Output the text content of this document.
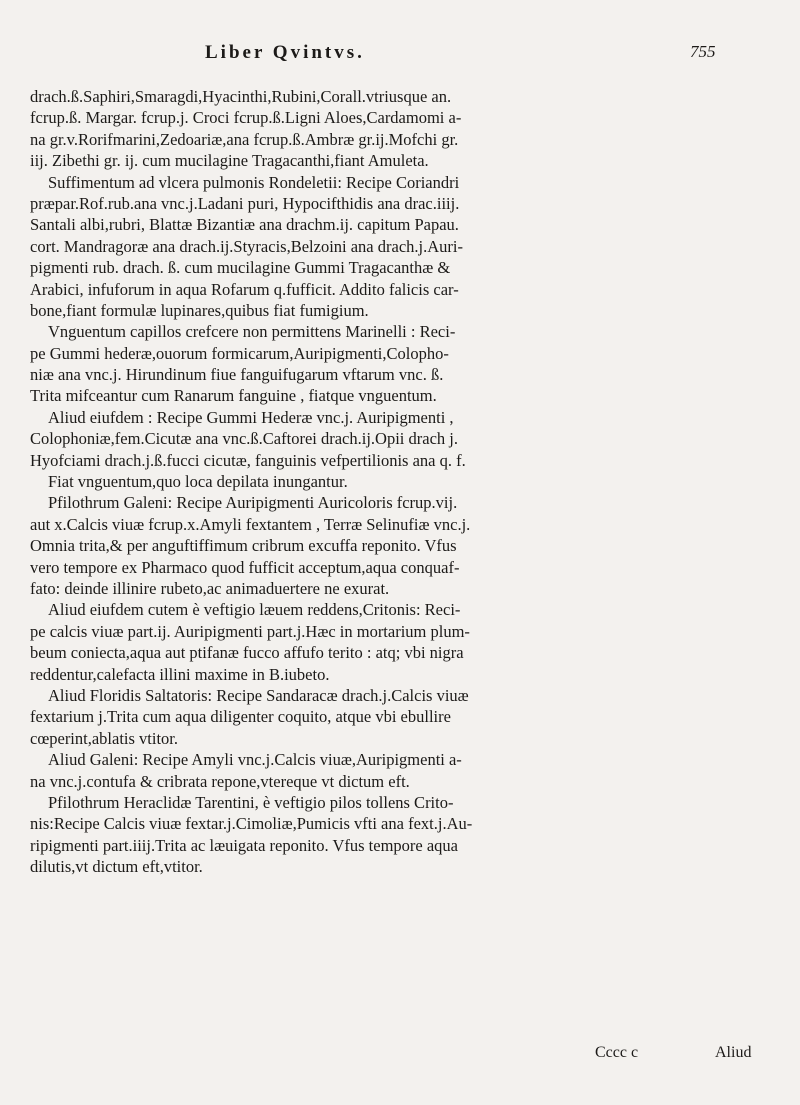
Liber Qvintvs.	755
drach.ß.Saphiri,Smaragdi,Hyacinthi,Rubini,Corall.vtriusque an.
fcrup.ß. Margar. fcrup.j. Croci fcrup.ß.Ligni Aloes,Cardamomi a-
na gr.v.Rorifmarini,Zedoariæ,ana fcrup.ß.Ambræ gr.ij.Mofchi gr.
iij. Zibethi gr. ij. cum mucilagine Tragacanthi,fiant Amuleta.
Suffimentum ad vlcera pulmonis Rondeletii: Recipe Coriandri
præpar.Rof.rub.ana vnc.j.Ladani puri, Hypocifthidis ana drac.iiij.
Santali albi,rubri, Blattæ Bizantiæ ana drachm.ij. capitum Papau.
cort. Mandragoræ ana drach.ij.Styracis,Belzoini ana drach.j.Auri-
pigmenti rub. drach. ß. cum mucilagine Gummi Tragacanthæ &
Arabici, infuforum in aqua Rofarum q.fufficit. Addito falicis car-
bone,fiant formulæ lupinares,quibus fiat fumigium.
Vnguentum capillos crefcere non permittens Marinelli : Reci-
pe Gummi hederæ,ouorum formicarum,Auripigmenti,Colopho-
niæ ana vnc.j. Hirundinum fiue fanguifugarum vftarum vnc. ß.
Trita mifceantur cum Ranarum fanguine , fiatque vnguentum.
Aliud eiufdem : Recipe Gummi Hederæ vnc.j. Auripigmenti ,
Colophoniæ,fem.Cicutæ ana vnc.ß.Caftorei drach.ij.Opii drach j.
Hyofciami drach.j.ß.fucci cicutæ, fanguinis vefpertilionis ana q. f.
Fiat vnguentum,quo loca depilata inungantur.
Pfilothrum Galeni: Recipe Auripigmenti Auricoloris fcrup.vij.
aut x.Calcis viuæ fcrup.x.Amyli fextantem , Terræ Selinufiæ vnc.j.
Omnia trita,& per anguftiffimum cribrum excuffa reponito. Vfus
vero tempore ex Pharmaco quod fufficit acceptum,aqua conquaf-
fato: deinde illinire rubeto,ac animaduertere ne exurat.
Aliud eiufdem cutem è veftigio læuem reddens,Critonis: Reci-
pe calcis viuæ part.ij. Auripigmenti part.j.Hæc in mortarium plum-
beum coniecta,aqua aut ptifanæ fucco affufo terito : atq; vbi nigra
reddentur,calefacta illini maxime in B.iubeto.
Aliud Floridis Saltatoris: Recipe Sandaracæ drach.j.Calcis viuæ
fextarium j.Trita cum aqua diligenter coquito, atque vbi ebullire
cœperint,ablatis vtitor.
Aliud Galeni: Recipe Amyli vnc.j.Calcis viuæ,Auripigmenti a-
na vnc.j.contufa & cribrata repone,vtereque vt dictum eft.
Pfilothrum Heraclidæ Tarentini, è veftigio pilos tollens Crito-
nis:Recipe Calcis viuæ fextar.j.Cimoliæ,Pumicis vfti ana fext.j.Au-
ripigmenti part.iiij.Trita ac læuigata reponito. Vfus tempore aqua
dilutis,vt dictum eft,vtitor.
Cccc c	Aliud
